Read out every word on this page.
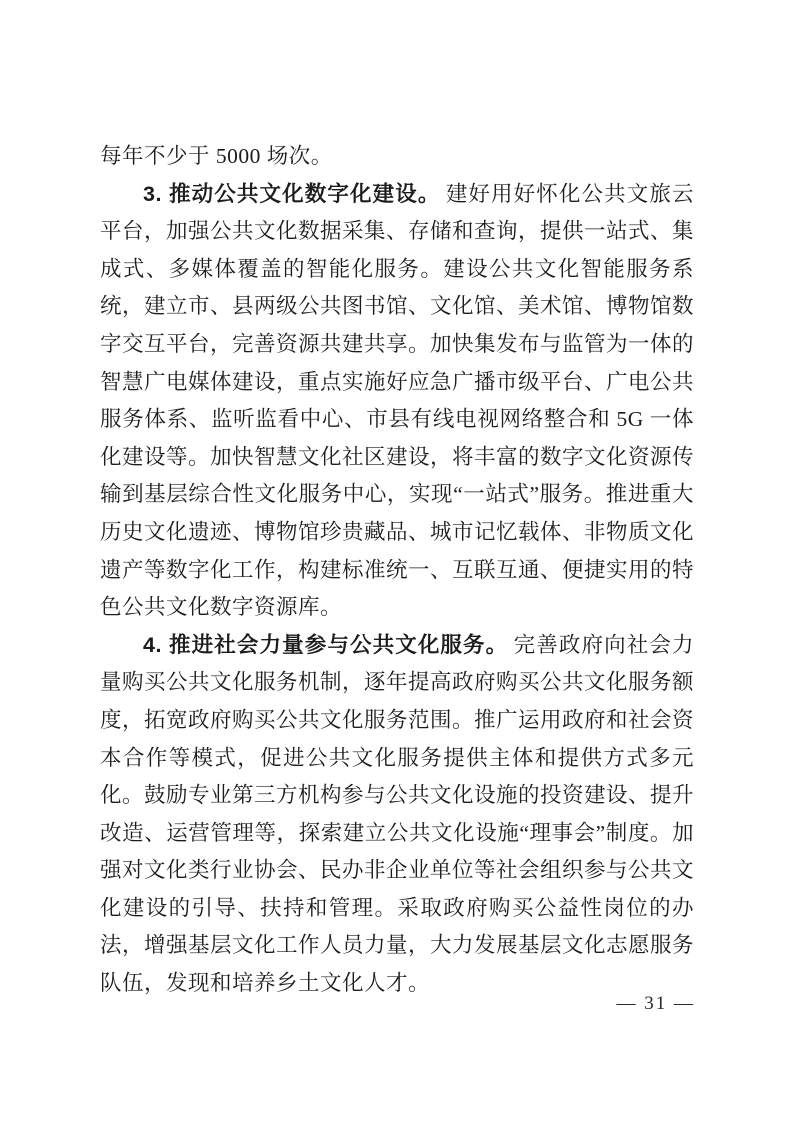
每年不少于 5000 场次。

3. 推动公共文化数字化建设。 建好用好怀化公共文旅云平台，加强公共文化数据采集、存储和查询，提供一站式、集成式、多媒体覆盖的智能化服务。建设公共文化智能服务系统，建立市、县两级公共图书馆、文化馆、美术馆、博物馆数字交互平台，完善资源共建共享。加快集发布与监管为一体的智慧广电媒体建设，重点实施好应急广播市级平台、广电公共服务体系、监听监看中心、市县有线电视网络整合和 5G 一体化建设等。加快智慧文化社区建设，将丰富的数字文化资源传输到基层综合性文化服务中心，实现“一站式”服务。推进重大历史文化遗迹、博物馆珍贵藏品、城市记忆载体、非物质文化遗产等数字化工作，构建标准统一、互联互通、便捷实用的特色公共文化数字资源库。

4. 推进社会力量参与公共文化服务。 完善政府向社会力量购买公共文化服务机制，逐年提高政府购买公共文化服务额度，拓宽政府购买公共文化服务范围。推广运用政府和社会资本合作等模式，促进公共文化服务提供主体和提供方式多元化。鼓励专业第三方机构参与公共文化设施的投资建设、提升改造、运营管理等，探索建立公共文化设施“理事会”制度。加强对文化类行业协会、民办非企业单位等社会组织参与公共文化建设的引导、扶持和管理。采取政府购买公益性岗位的办法，增强基层文化工作人员力量，大力发展基层文化志愿服务队伍，发现和培养乡土文化人才。

— 31 —
